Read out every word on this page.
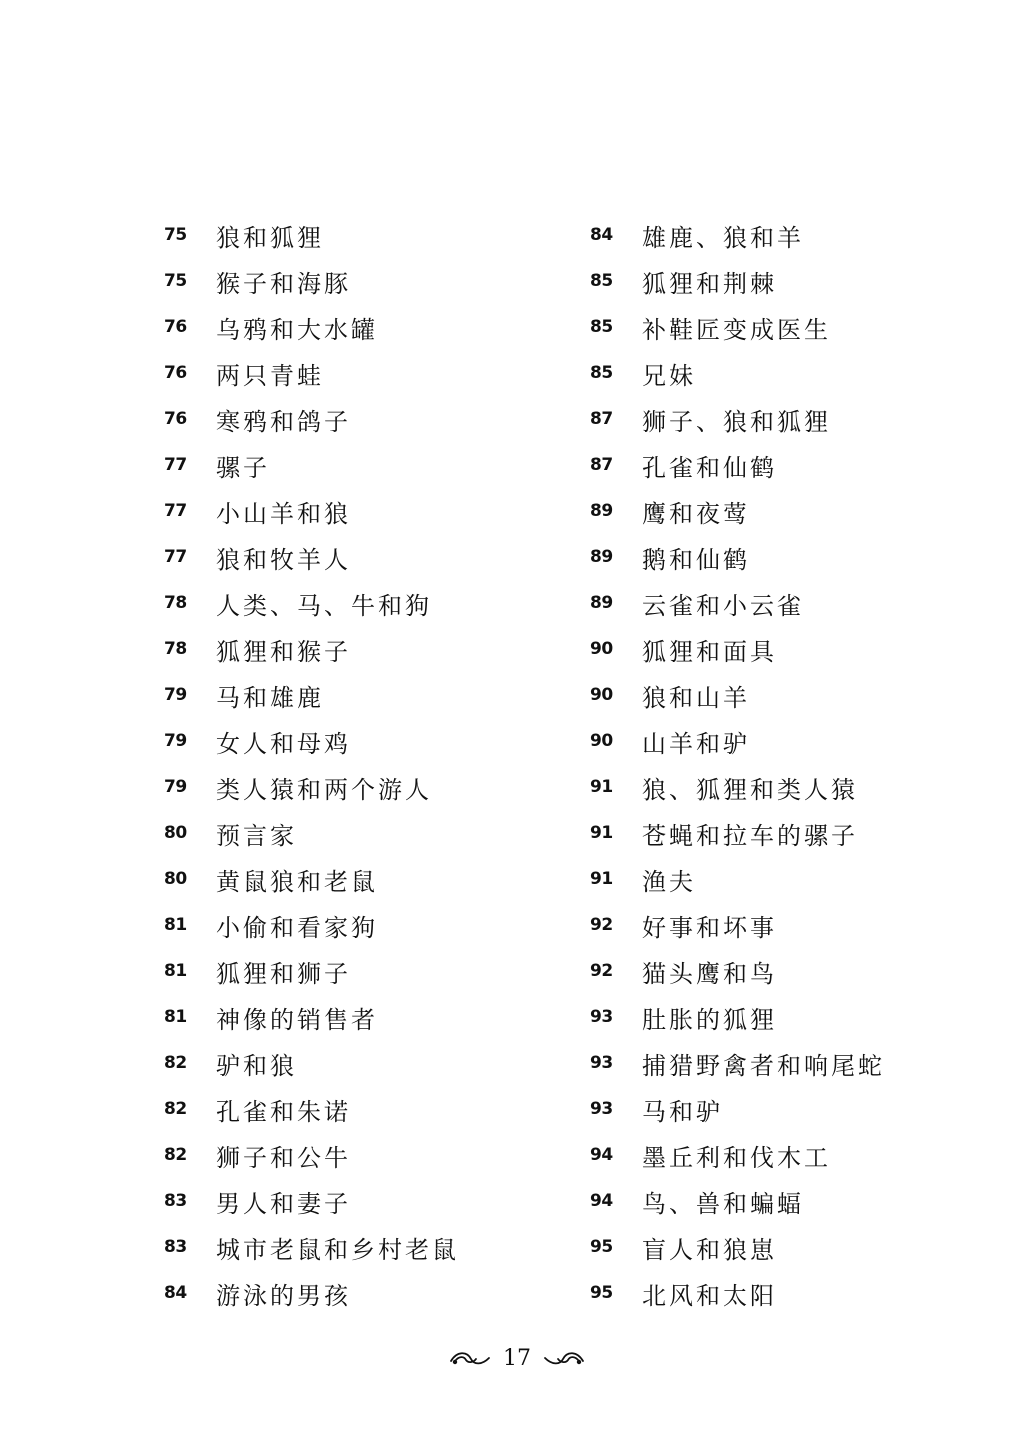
75	狼和狐狸
75	猴子和海豚
76	乌鸦和大水罐
76	两只青蛙
76	寒鸦和鸽子
77	骡子
77	小山羊和狼
77	狼和牧羊人
78	人类、马、牛和狗
78	狐狸和猴子
79	马和雄鹿
79	女人和母鸡
79	类人猿和两个游人
80	预言家
80	黄鼠狼和老鼠
81	小偷和看家狗
81	狐狸和狮子
81	神像的销售者
82	驴和狼
82	孔雀和朱诺
82	狮子和公牛
83	男人和妻子
83	城市老鼠和乡村老鼠
84	游泳的男孩
84	雄鹿、狼和羊
85	狐狸和荆棘
85	补鞋匠变成医生
85	兄妹
87	狮子、狼和狐狸
87	孔雀和仙鹤
89	鹰和夜莺
89	鹅和仙鹤
89	云雀和小云雀
90	狐狸和面具
90	狼和山羊
90	山羊和驴
91	狼、狐狸和类人猿
91	苍蝇和拉车的骡子
91	渔夫
92	好事和坏事
92	猫头鹰和鸟
93	肚胀的狐狸
93	捕猎野禽者和响尾蛇
93	马和驴
94	墨丘利和伐木工
94	鸟、兽和蝙蝠
95	盲人和狼崽
95	北风和太阳
17
